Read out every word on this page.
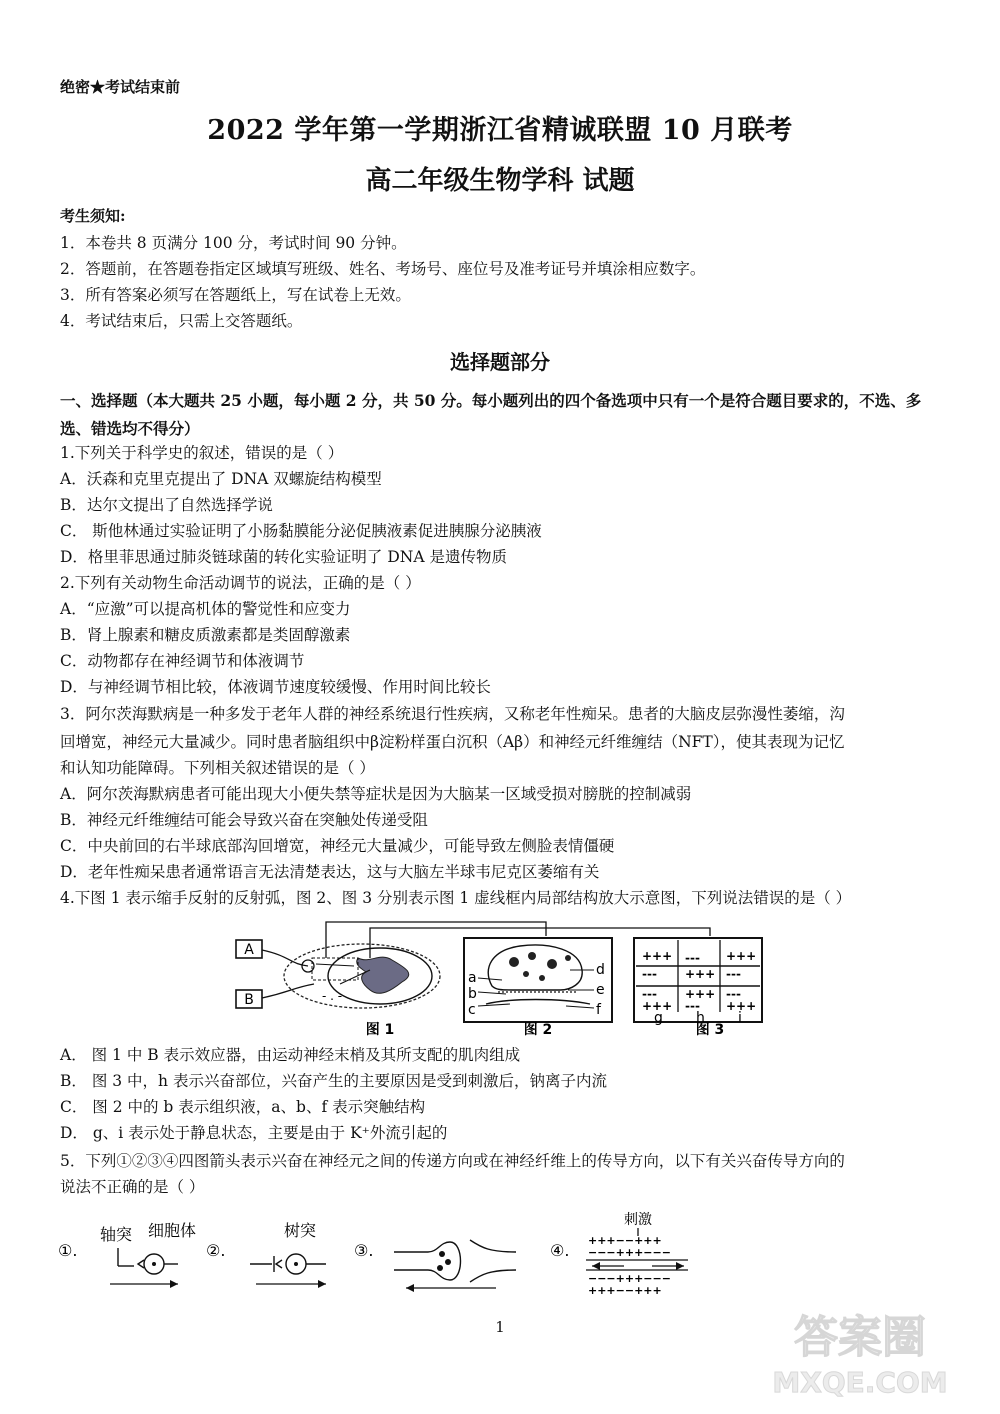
绝密★考试结束前
2022 学年第一学期浙江省精诚联盟 10 月联考
高二年级生物学科 试题
考生须知:
1．本卷共 8 页满分 100 分，考试时间 90 分钟。
2．答题前，在答题卷指定区域填写班级、姓名、考场号、座位号及准考证号并填涂相应数字。
3．所有答案必须写在答题纸上，写在试卷上无效。
4．考试结束后，只需上交答题纸。
选择题部分
一、选择题（本大题共 25 小题，每小题 2 分，共 50 分。每小题列出的四个备选项中只有一个是符合题目要求的，不选、多选、错选均不得分）
1.下列关于科学史的叙述，错误的是（ ）
A．沃森和克里克提出了 DNA 双螺旋结构模型
B．达尔文提出了自然选择学说
C． 斯他林通过实验证明了小肠黏膜能分泌促胰液素促进胰腺分泌胰液
D．格里菲思通过肺炎链球菌的转化实验证明了 DNA 是遗传物质
2.下列有关动物生命活动调节的说法，正确的是（ ）
A．“应激”可以提高机体的警觉性和应变力
B．肾上腺素和糖皮质激素都是类固醇激素
C．动物都存在神经调节和体液调节
D．与神经调节相比较，体液调节速度较缓慢、作用时间比较长
3．阿尔茨海默病是一种多发于老年人群的神经系统退行性疾病，又称老年性痴呆。患者的大脑皮层弥漫性萎缩，沟
回增宽，神经元大量减少。同时患者脑组织中β淀粉样蛋白沉积（Aβ）和神经元纤维缠结（NFT），使其表现为记忆
和认知功能障碍。下列相关叙述错误的是（ ）
A．阿尔茨海默病患者可能出现大小便失禁等症状是因为大脑某一区域受损对膀胱的控制减弱
B．神经元纤维缠结可能会导致兴奋在突触处传递受阻
C．中央前回的右半球底部沟回增宽，神经元大量减少，可能导致左侧脸表情僵硬
D．老年性痴呆患者通常语言无法清楚表达，这与大脑左半球韦尼克区萎缩有关
4.下图 1 表示缩手反射的反射弧，图 2、图 3 分别表示图 1 虚线框内局部结构放大示意图，下列说法错误的是（ ）
A
B	- . -
图 1
a
b
c
d
e
f
图 2
+++ --- +++
--- +++ ---
--- +++ ---
+++ --- +++
g h i
图 3
A． 图 1 中 B 表示效应器，由运动神经末梢及其所支配的肌肉组成
B． 图 3 中，h 表示兴奋部位，兴奋产生的主要原因是受到刺激后，钠离子内流
C． 图 2 中的 b 表示组织液，a、b、f 表示突触结构
D． g、i 表示处于静息状态，主要是由于 K⁺外流引起的
5．下列①②③④四图箭头表示兴奋在神经元之间的传递方向或在神经纤维上的传导方向，以下有关兴奋传导方向的
说法不正确的是（ ）
①.
轴突 细胞体
②.
树突
③.	④.
刺激
+++−−+++
−−−+++−−−
−−−+++−−−
+++−−+++
1	答案圈
MXQE.COM
